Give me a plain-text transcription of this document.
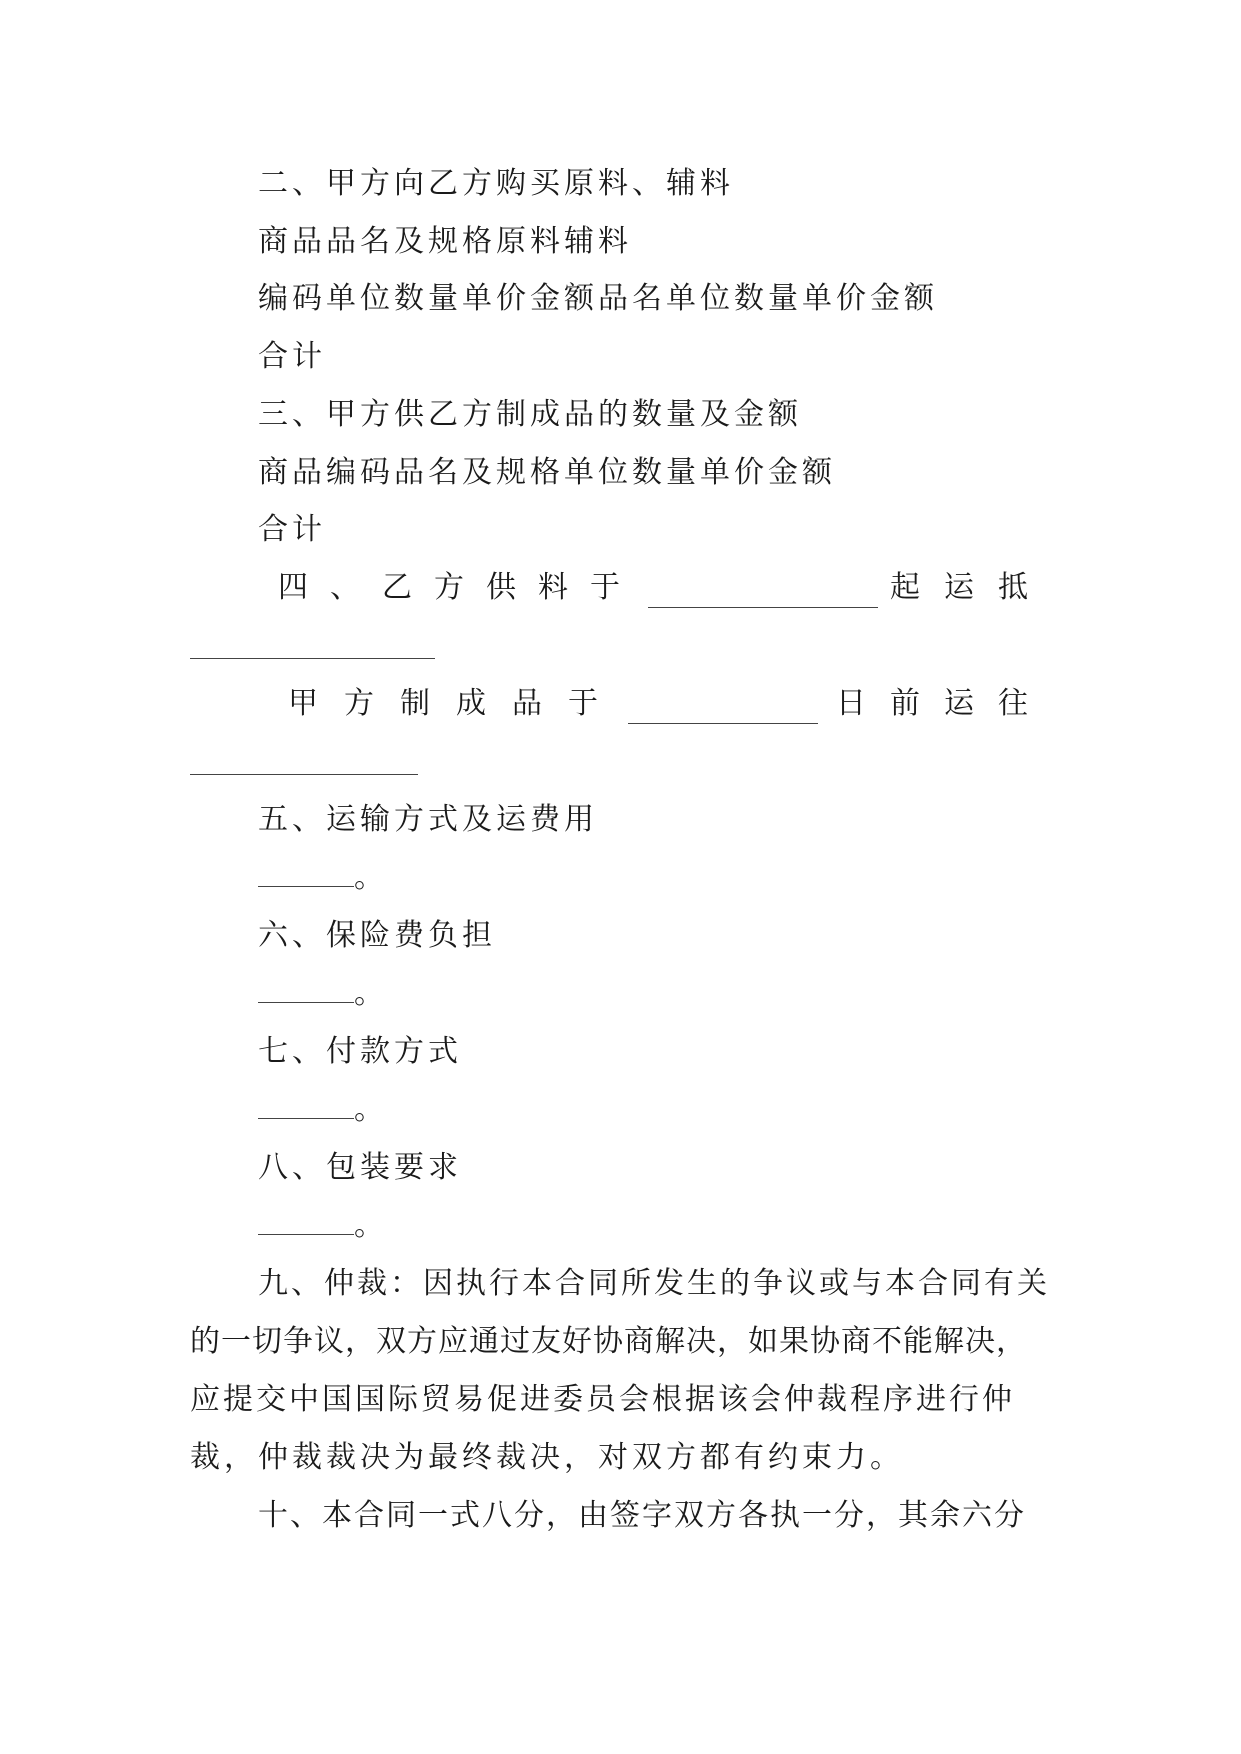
二、甲方向乙方购买原料、辅料
商品品名及规格原料辅料
编码单位数量单价金额品名单位数量单价金额
合计
三、甲方供乙方制成品的数量及金额
商品编码品名及规格单位数量单价金额
合计
四、乙方供料于	起运抵
甲方制成品于	日前运往
五、运输方式及运费用
。
六、保险费负担
。
七、付款方式
。
八、包装要求
。
九、仲裁：因执行本合同所发生的争议或与本合同有关
的一切争议，双方应通过友好协商解决，如果协商不能解决，
应提交中国国际贸易促进委员会根据该会仲裁程序进行仲
裁，仲裁裁决为最终裁决，对双方都有约束力。
十、本合同一式八分，由签字双方各执一分，其余六分
